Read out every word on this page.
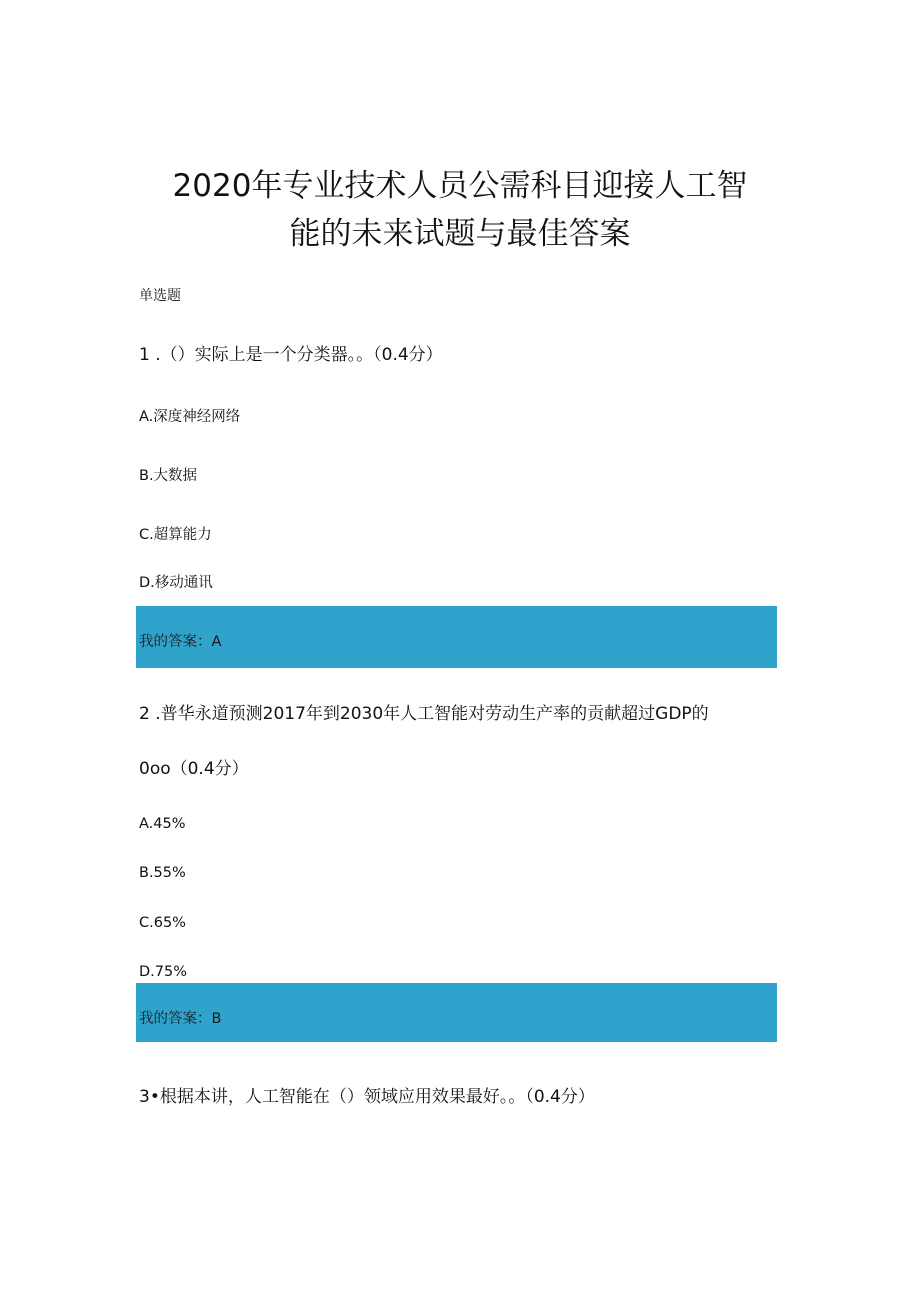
2020年专业技术人员公需科目迎接人工智
能的未来试题与最佳答案
单选题
1 .（）实际上是一个分类器。。（0.4分）
A.深度神经网络
B.大数据
C.超算能力
D.移动通讯
我的答案：A
2 .普华永道预测2017年到2030年人工智能对劳动生产率的贡献超过GDP的
0oo（0.4分）
A.45%
B.55%
C.65%
D.75%
我的答案：B
3•根据本讲，人工智能在（）领域应用效果最好。。（0.4分）
